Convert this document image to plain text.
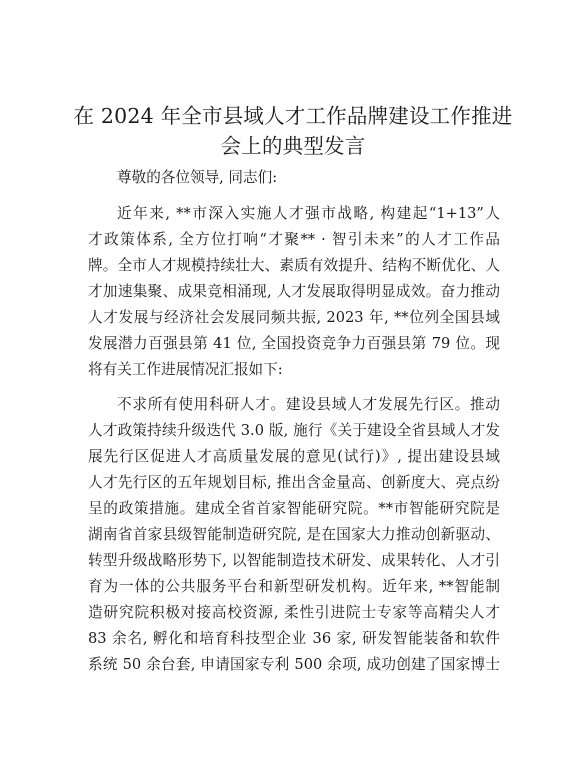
在 2024 年全市县域人才工作品牌建设工作推进
会上的典型发言
尊敬的各位领导, 同志们:
近年来, **市深入实施人才强市战略, 构建起“1+13”人
才政策体系, 全方位打响“才聚** · 智引未来”的人才工作品
牌。全市人才规模持续壮大、素质有效提升、结构不断优化、人
才加速集聚、成果竞相涌现, 人才发展取得明显成效。奋力推动
人才发展与经济社会发展同频共振, 2023 年, **位列全国县域
发展潜力百强县第 41 位, 全国投资竞争力百强县第 79 位。现
将有关工作进展情况汇报如下:
不求所有使用科研人才。建设县域人才发展先行区。推动
人才政策持续升级迭代 3.0 版, 施行《关于建设全省县域人才发
展先行区促进人才高质量发展的意见(试行)》, 提出建设县域
人才先行区的五年规划目标, 推出含金量高、创新度大、亮点纷
呈的政策措施。建成全省首家智能研究院。**市智能研究院是
湖南省首家县级智能制造研究院, 是在国家大力推动创新驱动、
转型升级战略形势下, 以智能制造技术研发、成果转化、人才引
育为一体的公共服务平台和新型研发机构。近年来, **智能制
造研究院积极对接高校资源, 柔性引进院士专家等高精尖人才
83 余名, 孵化和培育科技型企业 36 家, 研发智能装备和软件
系统 50 余台套, 申请国家专利 500 余项, 成功创建了国家博士
